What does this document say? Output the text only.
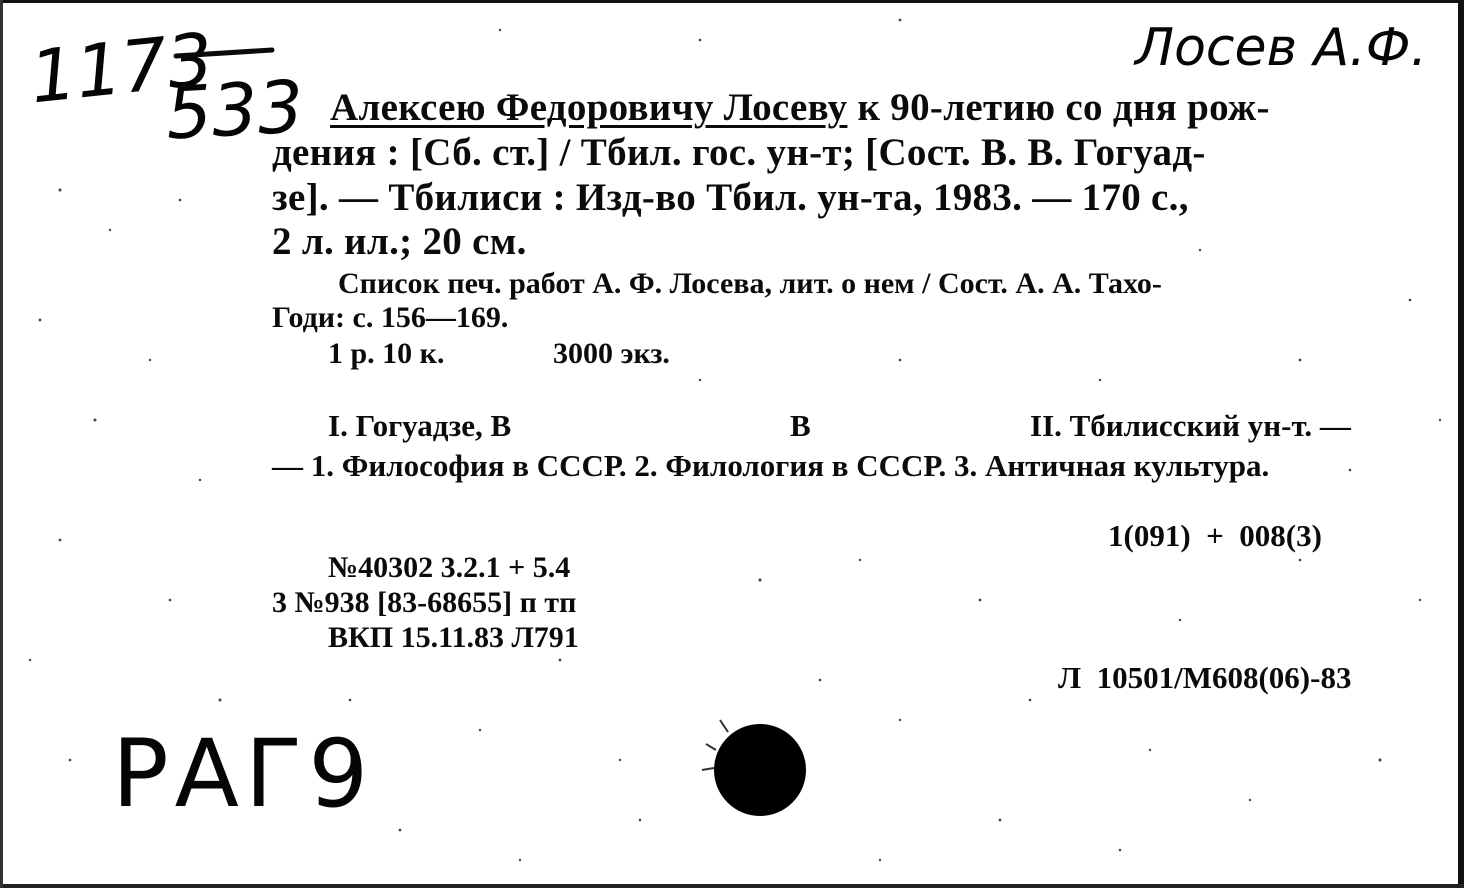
1173
533
Лосев А.Ф.
Алексею Федоровичу Лосеву к 90-летию со дня рож-
дения : [Сб. ст.] / Тбил. гос. ун-т; [Сост. В. В. Гогуад-
зе]. — Тбилиси : Изд-во Тбил. ун-та, 1983. — 170 с.,
2 л. ил.; 20 см.
Список печ. работ А. Ф. Лосева, лит. о нем / Сост. А. А. Тахо-
Годи: с. 156—169.
1 р. 10 к.	3000 экз.
I. Гогуадзе, В	В	II. Тбилисский ун-т. —
— 1. Философия в СССР. 2. Филология в СССР. 3. Античная культура.
1(091)  +  008(3)
№40302 3.2.1 + 5.4
3 №938 [83-68655] п тп
ВКП 15.11.83 Л791
Л  10501/М608(06)-83
РАГ9
